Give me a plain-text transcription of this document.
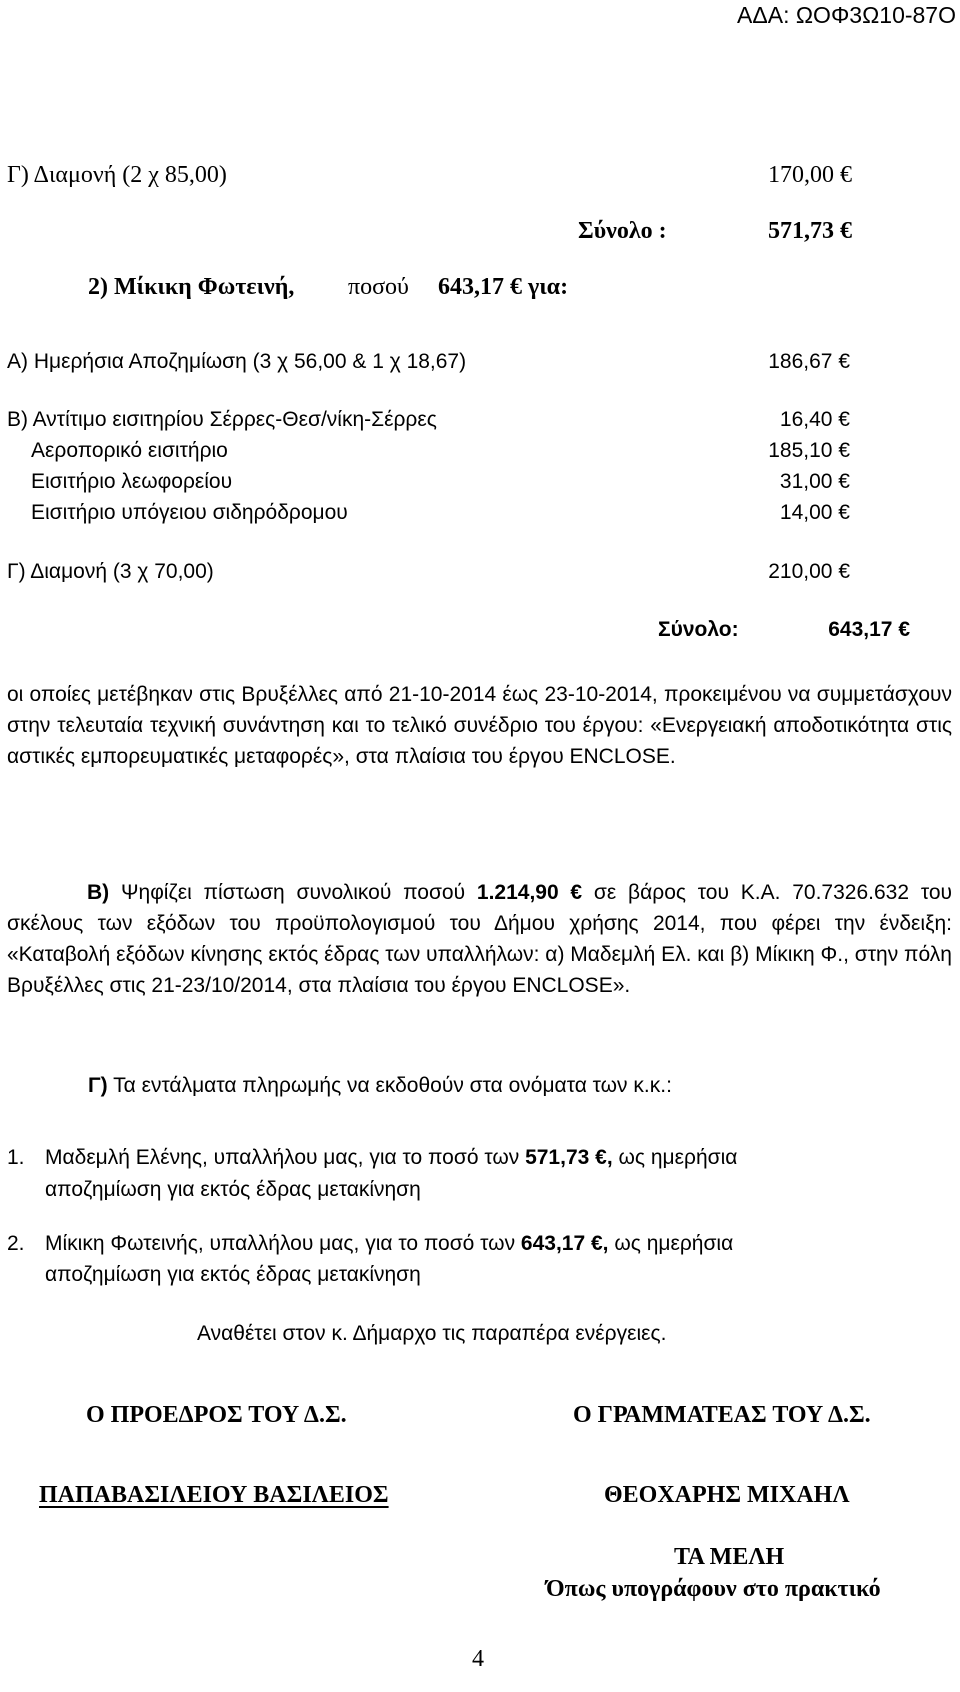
ΑΔΑ: ΩΟΦ3Ω10-87Ο
Γ) Διαμονή (2 χ 85,00)	170,00 €
Σύνολο :	571,73 €
2) Μίκικη Φωτεινή, ποσού 643,17 € για:
Α) Ημερήσια Αποζημίωση (3 χ 56,00 & 1 χ 18,67)	186,67 €
Β) Αντίτιμο εισιτηρίου Σέρρες-Θεσ/νίκη-Σέρρες	16,40 €
Αεροπορικό εισιτήριο	185,10 €
Εισιτήριο λεωφορείου	31,00 €
Εισιτήριο υπόγειου σιδηρόδρομου	14,00 €
Γ) Διαμονή (3 χ 70,00)	210,00 €
Σύνολο:	643,17 €
οι οποίες μετέβηκαν στις Βρυξέλλες από 21-10-2014 έως 23-10-2014, προκειμένου να συμμετάσχουν στην τελευταία τεχνική συνάντηση και το τελικό συνέδριο του έργου: «Ενεργειακή αποδοτικότητα στις αστικές εμπορευματικές μεταφορές», στα πλαίσια του έργου ENCLOSE.
Β) Ψηφίζει πίστωση συνολικού ποσού 1.214,90 € σε βάρος του Κ.Α. 70.7326.632 του σκέλους των εξόδων του προϋπολογισμού του Δήμου χρήσης 2014, που φέρει την ένδειξη: «Καταβολή εξόδων κίνησης εκτός έδρας των υπαλλήλων: α) Μαδεμλή Ελ. και β) Μίκικη Φ., στην πόλη Βρυξέλλες στις 21-23/10/2014, στα πλαίσια του έργου ENCLOSE».
Γ) Τα εντάλματα πληρωμής να εκδοθούν στα ονόματα των κ.κ.:
1. Μαδεμλή Ελένης, υπαλλήλου μας, για το ποσό των 571,73 €, ως ημερήσια
αποζημίωση για εκτός έδρας μετακίνηση
2. Μίκικη Φωτεινής, υπαλλήλου μας, για το ποσό των 643,17 €, ως ημερήσια
αποζημίωση για εκτός έδρας μετακίνηση
Αναθέτει στον κ. Δήμαρχο τις παραπέρα ενέργειες.
Ο ΠΡΟΕΔΡΟΣ ΤΟΥ Δ.Σ.	Ο ΓΡΑΜΜΑΤΕΑΣ ΤΟΥ Δ.Σ.
ΠΑΠΑΒΑΣΙΛΕΙΟΥ ΒΑΣΙΛΕΙΟΣ	ΘΕΟΧΑΡΗΣ ΜΙΧΑΗΛ
ΤΑ ΜΕΛΗ
Όπως υπογράφουν στο πρακτικό
4
